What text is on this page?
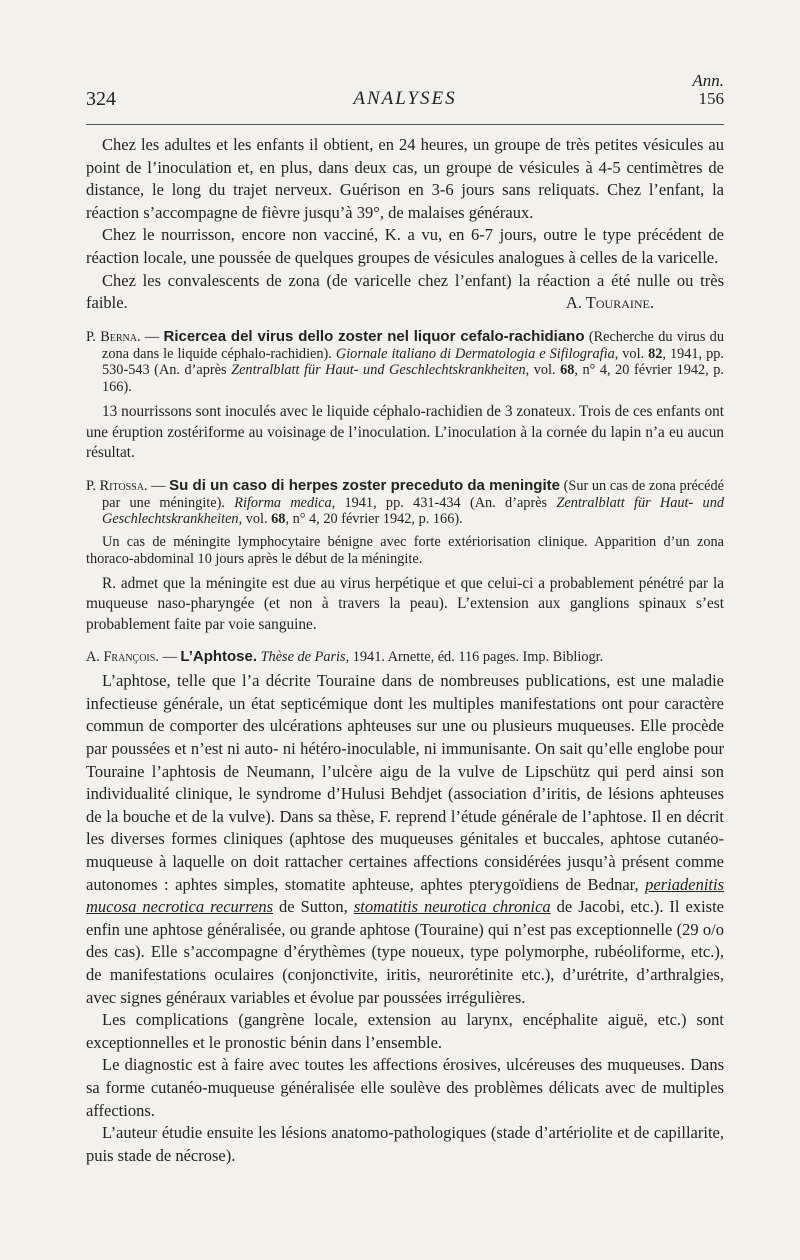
324	ANALYSES
Ann.
156

Chez les adultes et les enfants il obtient, en 24 heures, un groupe de très petites vésicules au point de l’inoculation et, en plus, dans deux cas, un groupe de vésicules à 4-5 centimètres de distance, le long du trajet nerveux. Guérison en 3-6 jours sans reliquats. Chez l’enfant, la réaction s’accompagne de fièvre jusqu’à 39°, de malaises généraux.

Chez le nourrisson, encore non vacciné, K. a vu, en 6-7 jours, outre le type précédent de réaction locale, une poussée de quelques groupes de vésicules analogues à celles de la varicelle.

Chez les convalescents de zona (de varicelle chez l’enfant) la réaction a été nulle ou très faible.	A. Touraine.

P. Berna. — Ricercea del virus dello zoster nel liquor cefalo-rachidiano (Recherche du virus du zona dans le liquide céphalo-rachidien). Giornale italiano di Dermatologia e Sifilografia, vol. 82, 1941, pp. 530-543 (An. d’après Zentralblatt für Haut- und Geschlechtskrankheiten, vol. 68, n° 4, 20 février 1942, p. 166).

13 nourrissons sont inoculés avec le liquide céphalo-rachidien de 3 zonateux. Trois de ces enfants ont une éruption zostériforme au voisinage de l’inoculation. L’inoculation à la cornée du lapin n’a eu aucun résultat.

P. Ritossa. — Su di un caso di herpes zoster preceduto da meningite (Sur un cas de zona précédé par une méningite). Riforma medica, 1941, pp. 431-434 (An. d’après Zentralblatt für Haut- und Geschlechtskrankheiten, vol. 68, n° 4, 20 février 1942, p. 166).

Un cas de méningite lymphocytaire bénigne avec forte extériorisation clinique. Apparition d’un zona thoraco-abdominal 10 jours après le début de la méningite.

R. admet que la méningite est due au virus herpétique et que celui-ci a probablement pénétré par la muqueuse naso-pharyngée (et non à travers la peau). L’extension aux ganglions spinaux s’est probablement faite par voie sanguine.

A. François. — L’Aphtose. Thèse de Paris, 1941. Arnette, éd. 116 pages. Imp. Bibliogr.

L’aphtose, telle que l’a décrite Touraine dans de nombreuses publications, est une maladie infectieuse générale, un état septicémique dont les multiples manifestations ont pour caractère commun de comporter des ulcérations aphteuses sur une ou plusieurs muqueuses. Elle procède par poussées et n’est ni auto- ni hétéro-inoculable, ni immunisante. On sait qu’elle englobe pour Touraine l’aphtosis de Neumann, l’ulcère aigu de la vulve de Lipschütz qui perd ainsi son individualité clinique, le syndrome d’Hulusi Behdjet (association d’iritis, de lésions aphteuses de la bouche et de la vulve). Dans sa thèse, F. reprend l’étude générale de l’aphtose. Il en décrit les diverses formes cliniques (aphtose des muqueuses génitales et buccales, aphtose cutanéo-muqueuse à laquelle on doit rattacher certaines affections considérées jusqu’à présent comme autonomes : aphtes simples, stomatite aphteuse, aphtes pterygoïdiens de Bednar, periadenitis mucosa necrotica recurrens de Sutton, stomatitis neurotica chronica de Jacobi, etc.). Il existe enfin une aphtose généralisée, ou grande aphtose (Touraine) qui n’est pas exceptionnelle (29 o/o des cas). Elle s’accompagne d’érythèmes (type noueux, type polymorphe, rubéoliforme, etc.), de manifestations oculaires (conjonctivite, iritis, neurorétinite etc.), d’urétrite, d’arthralgies, avec signes généraux variables et évolue par poussées irrégulières.

Les complications (gangrène locale, extension au larynx, encéphalite aiguë, etc.) sont exceptionnelles et le pronostic bénin dans l’ensemble.

Le diagnostic est à faire avec toutes les affections érosives, ulcéreuses des muqueuses. Dans sa forme cutanéo-muqueuse généralisée elle soulève des problèmes délicats avec de multiples affections.

L’auteur étudie ensuite les lésions anatomo-pathologiques (stade d’artériolite et de capillarite, puis stade de nécrose).
